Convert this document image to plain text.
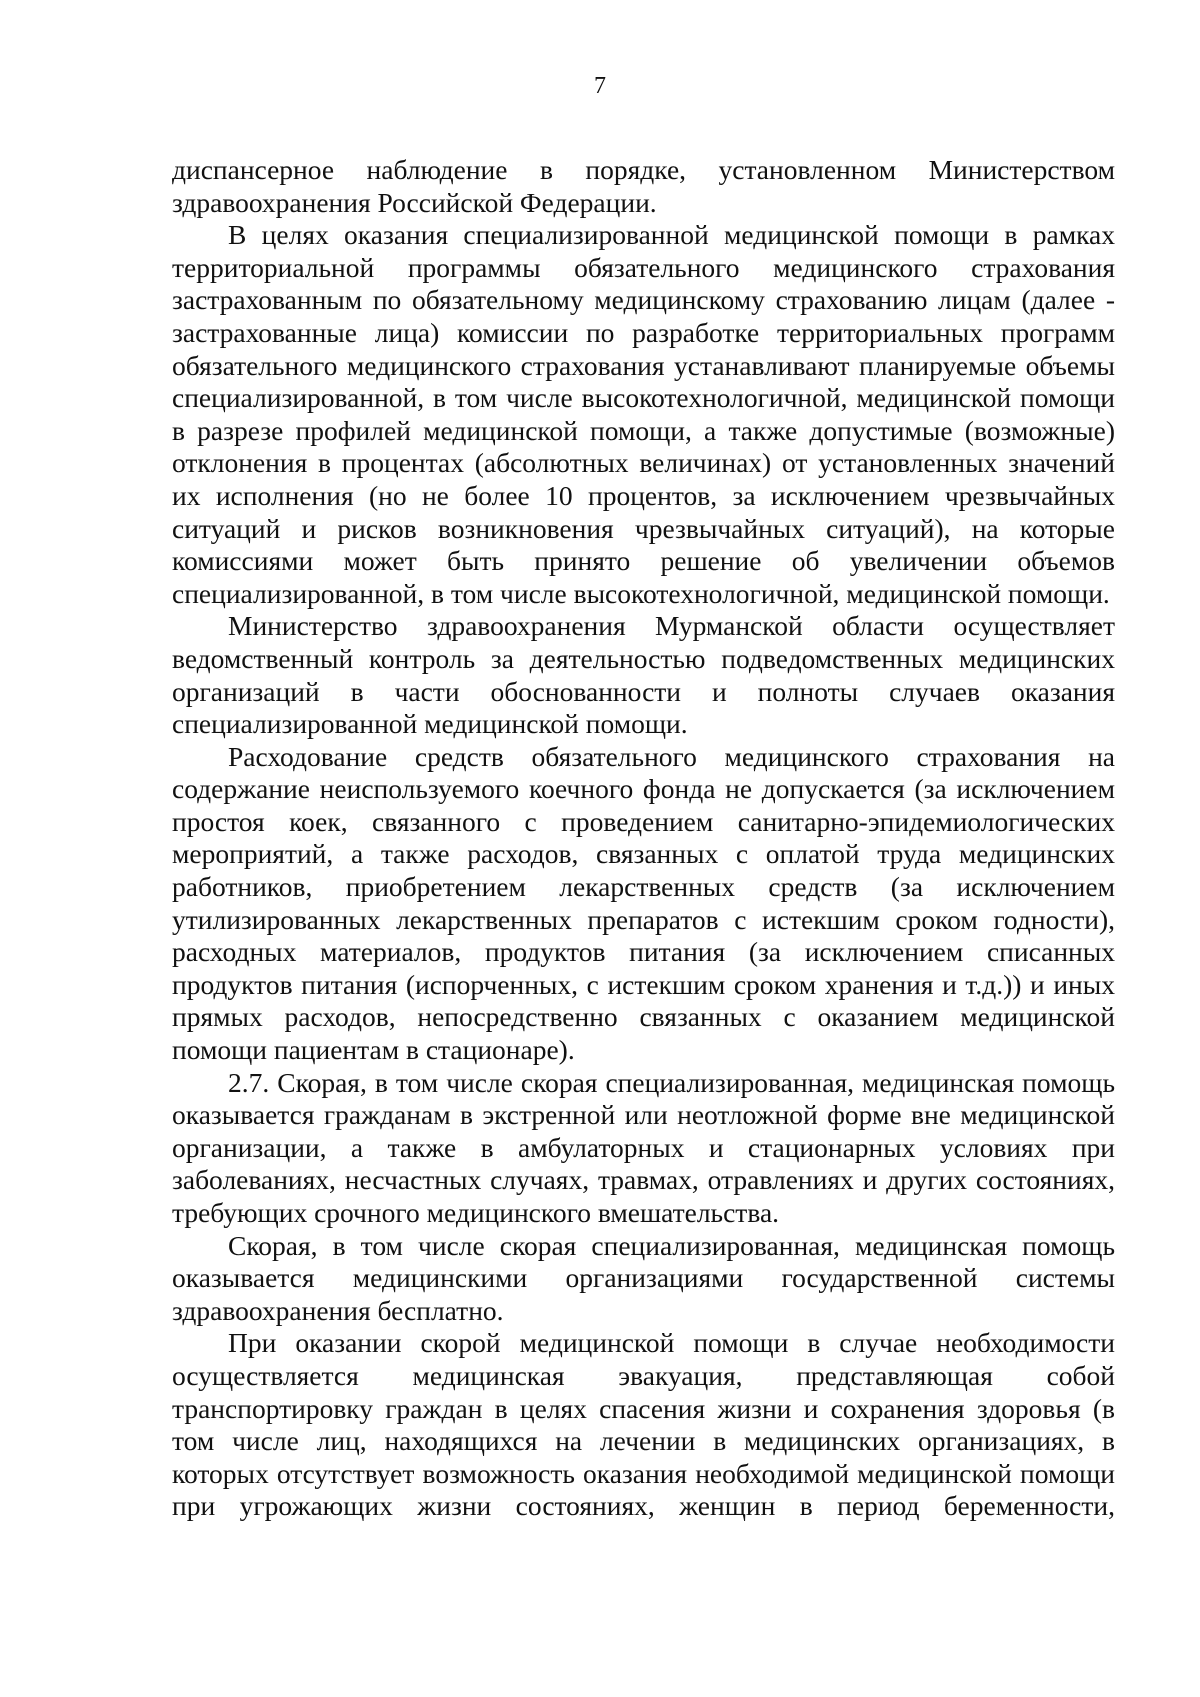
7

диспансерное наблюдение в порядке, установленном Министерством здравоохранения Российской Федерации.

В целях оказания специализированной медицинской помощи в рамках территориальной программы обязательного медицинского страхования застрахованным по обязательному медицинскому страхованию лицам (далее - застрахованные лица) комиссии по разработке территориальных программ обязательного медицинского страхования устанавливают планируемые объемы специализированной, в том числе высокотехнологичной, медицинской помощи в разрезе профилей медицинской помощи, а также допустимые (возможные) отклонения в процентах (абсолютных величинах) от установленных значений их исполнения (но не более 10 процентов, за исключением чрезвычайных ситуаций и рисков возникновения чрезвычайных ситуаций), на которые комиссиями может быть принято решение об увеличении объемов специализированной, в том числе высокотехнологичной, медицинской помощи.

Министерство здравоохранения Мурманской области осуществляет ведомственный контроль за деятельностью подведомственных медицинских организаций в части обоснованности и полноты случаев оказания специализированной медицинской помощи.

Расходование средств обязательного медицинского страхования на содержание неиспользуемого коечного фонда не допускается (за исключением простоя коек, связанного с проведением санитарно-эпидемиологических мероприятий, а также расходов, связанных с оплатой труда медицинских работников, приобретением лекарственных средств (за исключением утилизированных лекарственных препаратов с истекшим сроком годности), расходных материалов, продуктов питания (за исключением списанных продуктов питания (испорченных, с истекшим сроком хранения и т.д.)) и иных прямых расходов, непосредственно связанных с оказанием медицинской помощи пациентам в стационаре).

2.7. Скорая, в том числе скорая специализированная, медицинская помощь оказывается гражданам в экстренной или неотложной форме вне медицинской организации, а также в амбулаторных и стационарных условиях при заболеваниях, несчастных случаях, травмах, отравлениях и других состояниях, требующих срочного медицинского вмешательства.

Скорая, в том числе скорая специализированная, медицинская помощь оказывается медицинскими организациями государственной системы здравоохранения бесплатно.

При оказании скорой медицинской помощи в случае необходимости осуществляется медицинская эвакуация, представляющая собой транспортировку граждан в целях спасения жизни и сохранения здоровья (в том числе лиц, находящихся на лечении в медицинских организациях, в которых отсутствует возможность оказания необходимой медицинской помощи при угрожающих жизни состояниях, женщин в период беременности,
